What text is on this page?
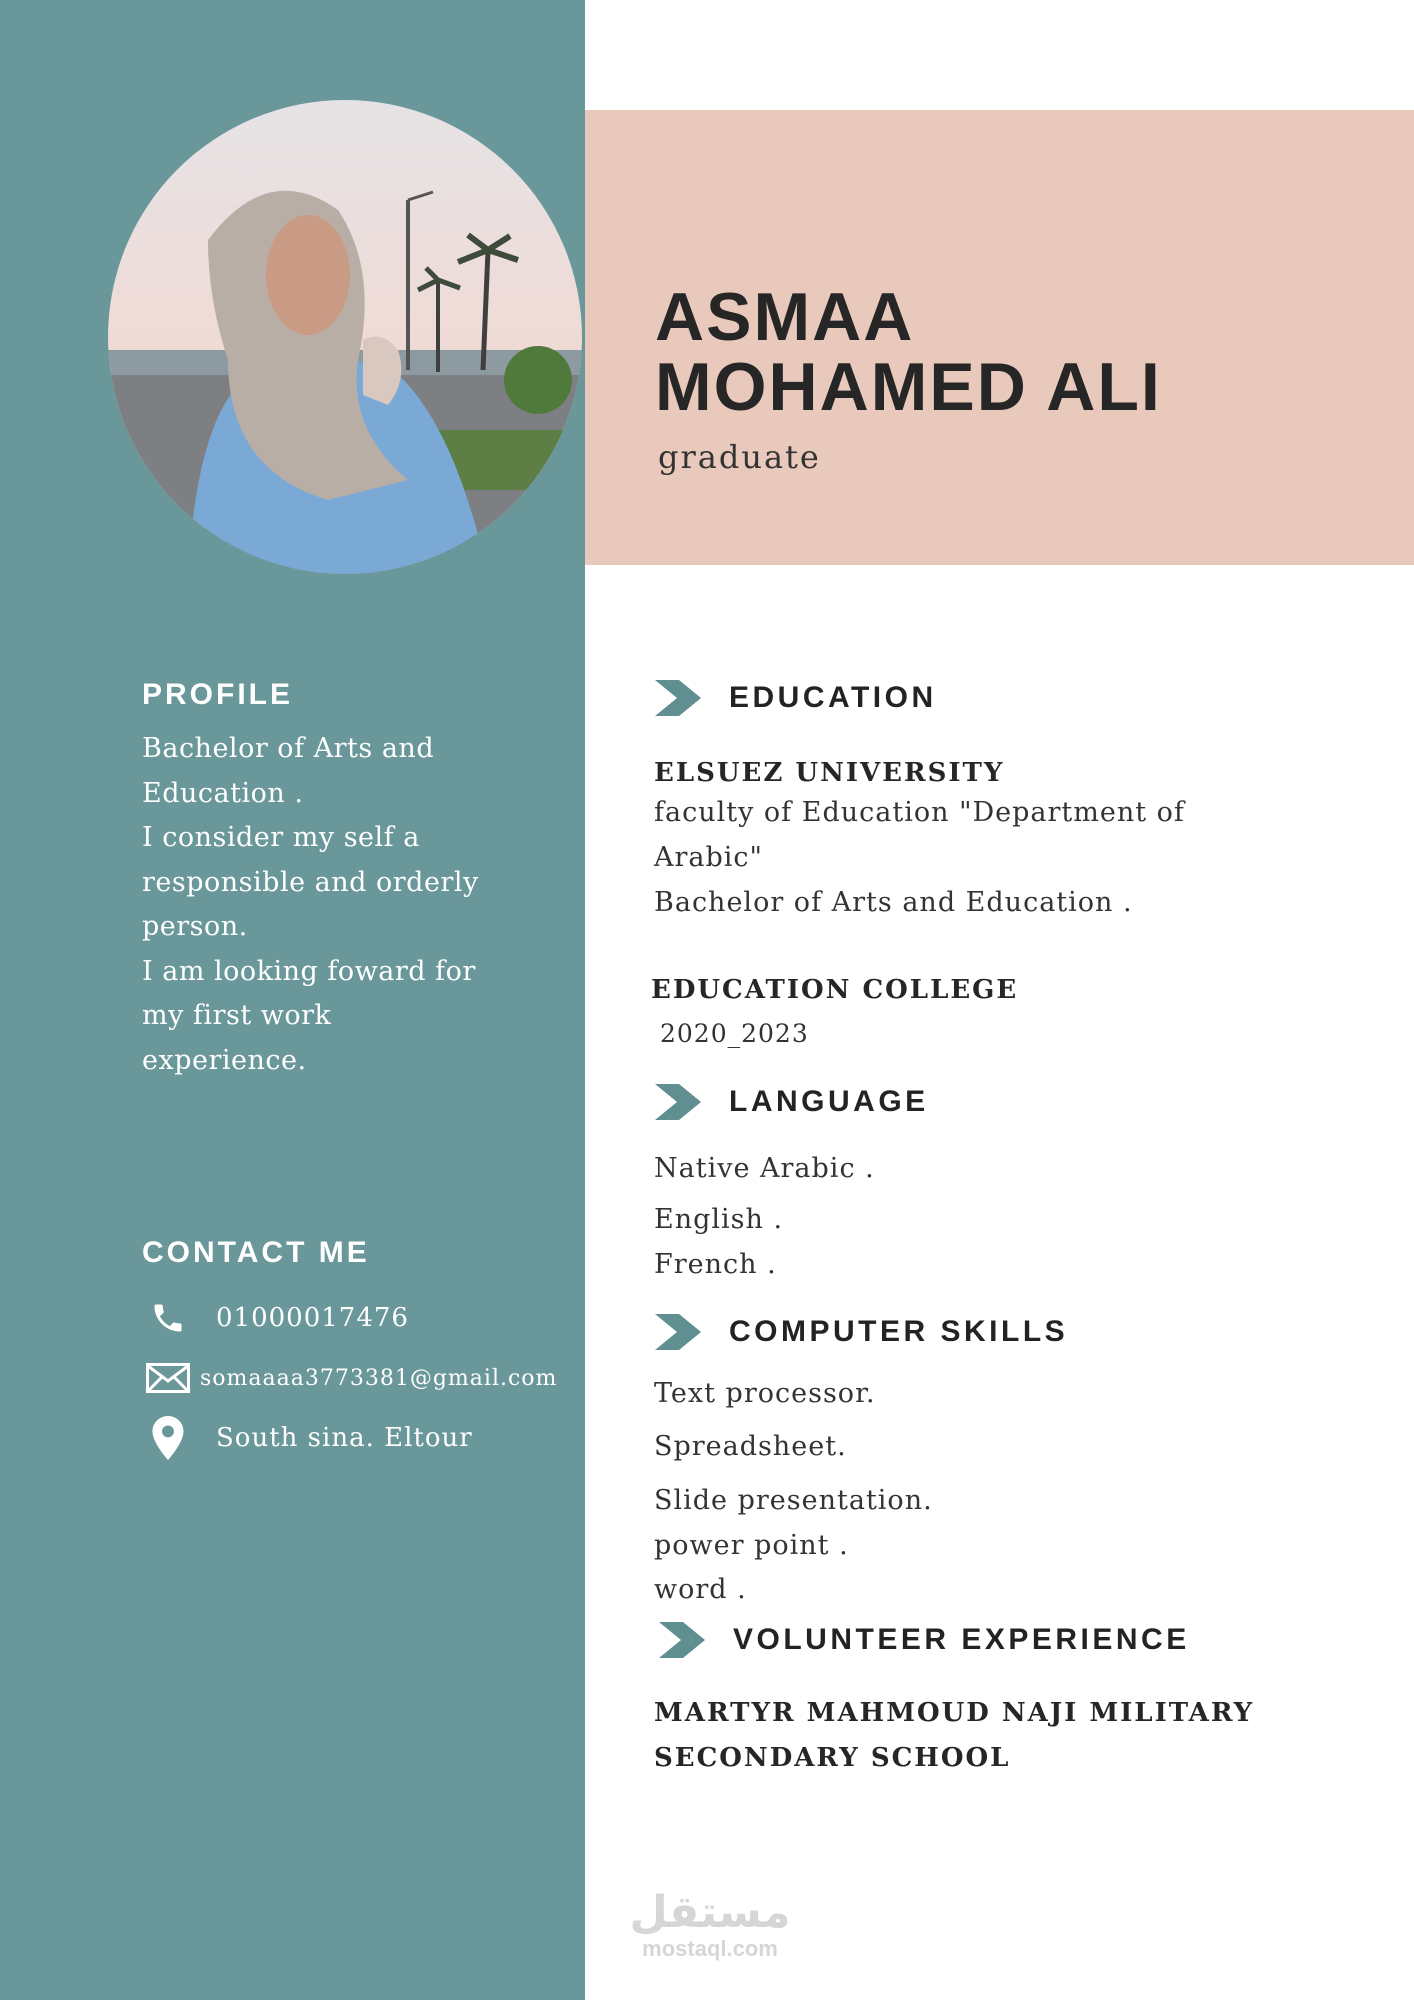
PROFILE
Bachelor of Arts and
Education .
I consider my self a
responsible and orderly
person.
I am looking foward for
my first work
experience.
CONTACT ME
01000017476
somaaaa3773381@gmail.com
South sina. Eltour
ASMAA
MOHAMED ALI
graduate
EDUCATION
ELSUEZ UNIVERSITY
faculty of Education "Department of
Arabic"
Bachelor of Arts and Education .
EDUCATION COLLEGE
2020_2023
LANGUAGE
Native Arabic .
English .
French .
COMPUTER SKILLS
Text processor.
Spreadsheet.
Slide presentation.
power point .
word .
VOLUNTEER EXPERIENCE
MARTYR MAHMOUD NAJI MILITARY
SECONDARY SCHOOL
مستقل
mostaql.com
